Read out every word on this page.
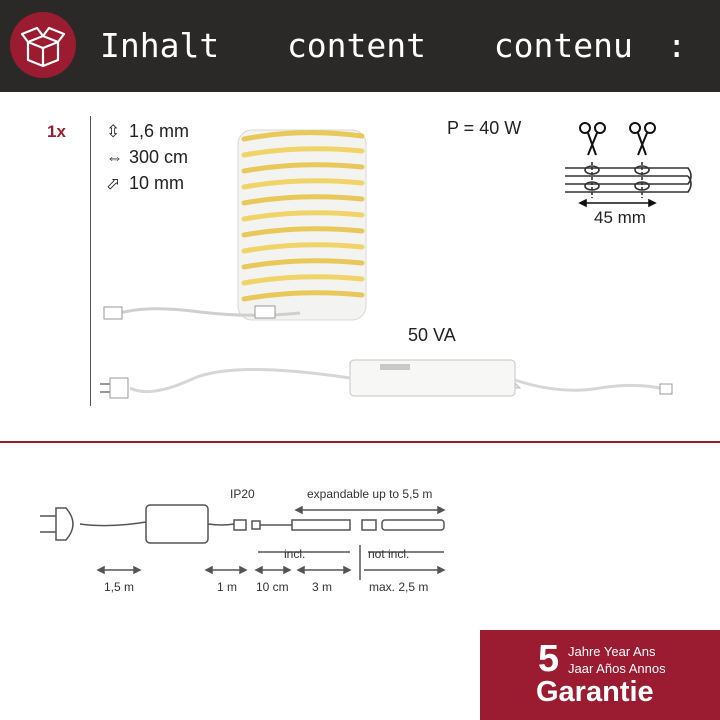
Inhalt  content  contenu :
1x ⇳ 1,6 mm
⇔ 300 cm
⬀ 10 mm
P = 40 W
45 mm
50 VA
IP20	expandable up to 5,5 m
incl.	not incl.
1,5 m	1 m 10 cm 3 m	max. 2,5 m
5 Jahre Year Ans
Jaar Años Annos
Garantie
